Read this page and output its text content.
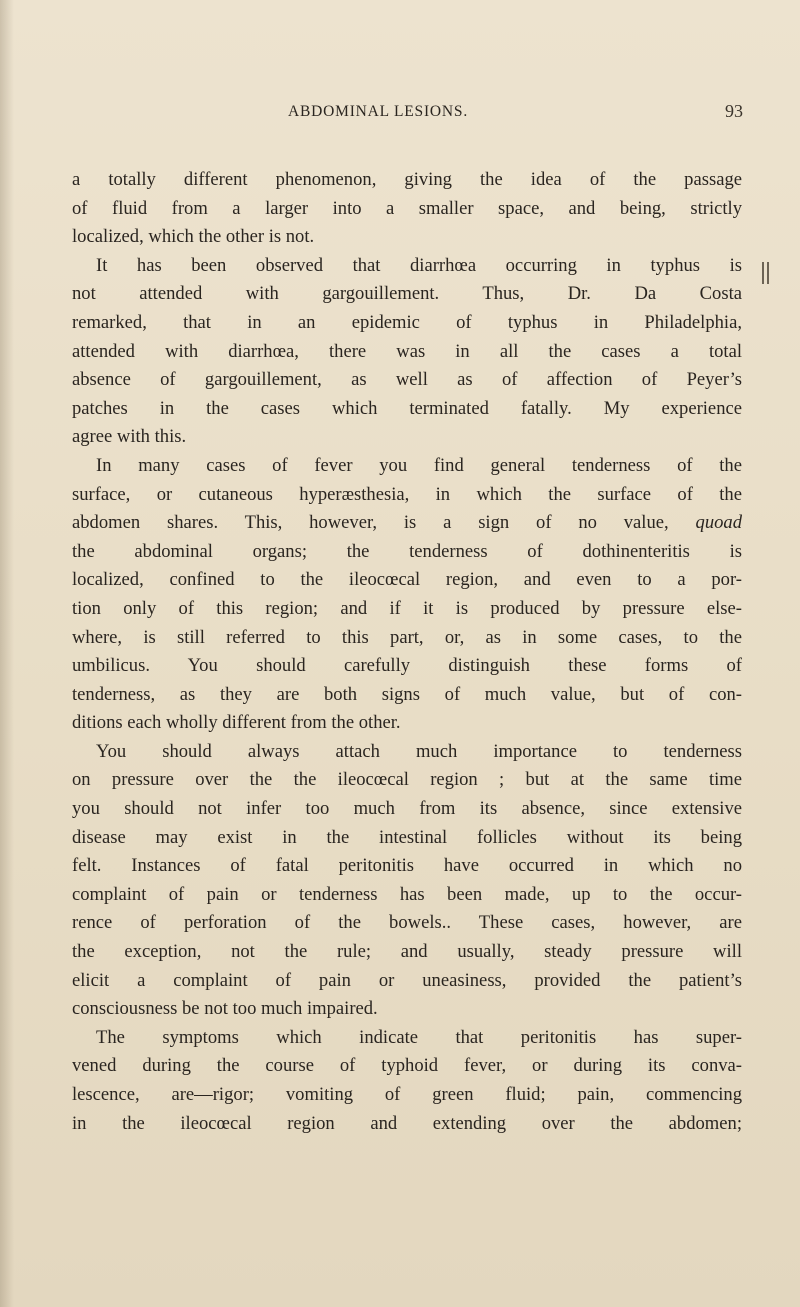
ABDOMINAL LESIONS.	93
a totally different phenomenon, giving the idea of the passage
of fluid from a larger into a smaller space, and being, strictly
localized, which the other is not.
It has been observed that diarrhœa occurring in typhus is
not attended with gargouillement. Thus, Dr. Da Costa
remarked, that in an epidemic of typhus in Philadelphia,
attended with diarrhœa, there was in all the cases a total
absence of gargouillement, as well as of affection of Peyer’s
patches in the cases which terminated fatally. My experience
agree with this.
In many cases of fever you find general tenderness of the
surface, or cutaneous hyperæsthesia, in which the surface of the
abdomen shares. This, however, is a sign of no value, quoad
the abdominal organs; the tenderness of dothinenteritis is
localized, confined to the ileocœcal region, and even to a por-
tion only of this region; and if it is produced by pressure else-
where, is still referred to this part, or, as in some cases, to the
umbilicus. You should carefully distinguish these forms of
tenderness, as they are both signs of much value, but of con-
ditions each wholly different from the other.
You should always attach much importance to tenderness
on pressure over the the ileocœcal region ; but at the same time
you should not infer too much from its absence, since extensive
disease may exist in the intestinal follicles without its being
felt. Instances of fatal peritonitis have occurred in which no
complaint of pain or tenderness has been made, up to the occur-
rence of perforation of the bowels.. These cases, however, are
the exception, not the rule; and usually, steady pressure will
elicit a complaint of pain or uneasiness, provided the patient’s
consciousness be not too much impaired.
The symptoms which indicate that peritonitis has super-
vened during the course of typhoid fever, or during its conva-
lescence, are—rigor; vomiting of green fluid; pain, commencing
in the ileocœcal region and extending over the abdomen;
